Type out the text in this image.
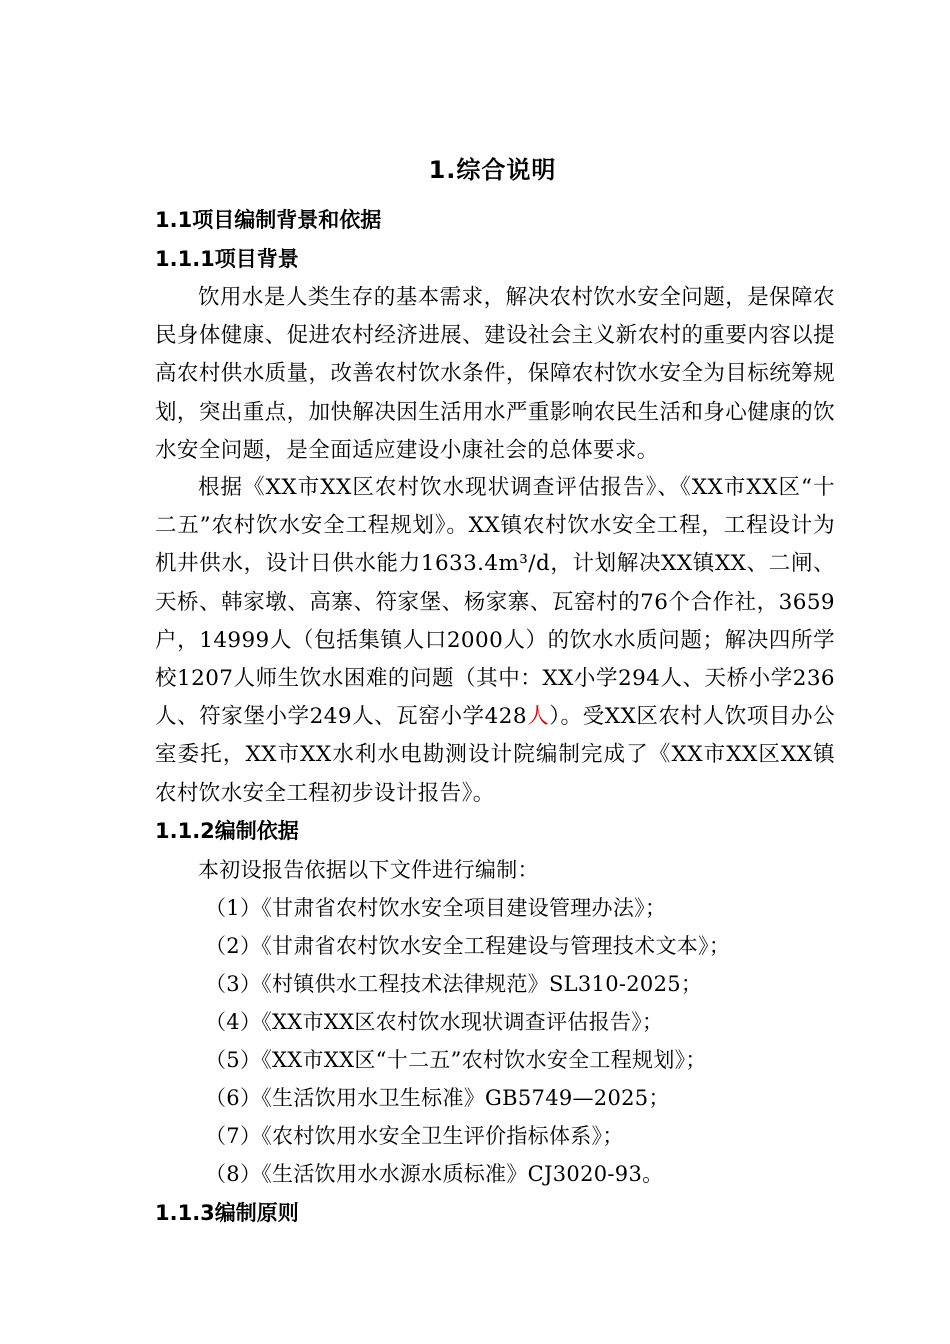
1.综合说明
1.1项目编制背景和依据
1.1.1项目背景
饮用水是人类生存的基本需求，解决农村饮水安全问题，是保障农民身体健康、促进农村经济进展、建设社会主义新农村的重要内容以提高农村供水质量，改善农村饮水条件，保障农村饮水安全为目标统筹规划，突出重点，加快解决因生活用水严重影响农民生活和身心健康的饮水安全问题，是全面适应建设小康社会的总体要求。
根据《XX市XX区农村饮水现状调查评估报告》、《XX市XX区“十二五”农村饮水安全工程规划》。XX镇农村饮水安全工程，工程设计为机井供水，设计日供水能力1633.4m³/d，计划解决XX镇XX、二闸、天桥、韩家墩、高寨、符家堡、杨家寨、瓦窑村的76个合作社，3659户，14999人（包括集镇人口2000人）的饮水水质问题；解决四所学校1207人师生饮水困难的问题（其中：XX小学294人、天桥小学236人、符家堡小学249人、瓦窑小学428人）。受XX区农村人饮项目办公室委托，XX市XX水利水电勘测设计院编制完成了《XX市XX区XX镇农村饮水安全工程初步设计报告》。
1.1.2编制依据
本初设报告依据以下文件进行编制：
（1）《甘肃省农村饮水安全项目建设管理办法》；
（2）《甘肃省农村饮水安全工程建设与管理技术文本》；
（3）《村镇供水工程技术法律规范》SL310-2025；
（4）《XX市XX区农村饮水现状调查评估报告》；
（5）《XX市XX区“十二五”农村饮水安全工程规划》；
（6）《生活饮用水卫生标准》GB5749—2025；
（7）《农村饮用水安全卫生评价指标体系》；
（8）《生活饮用水水源水质标准》CJ3020-93。
1.1.3编制原则
